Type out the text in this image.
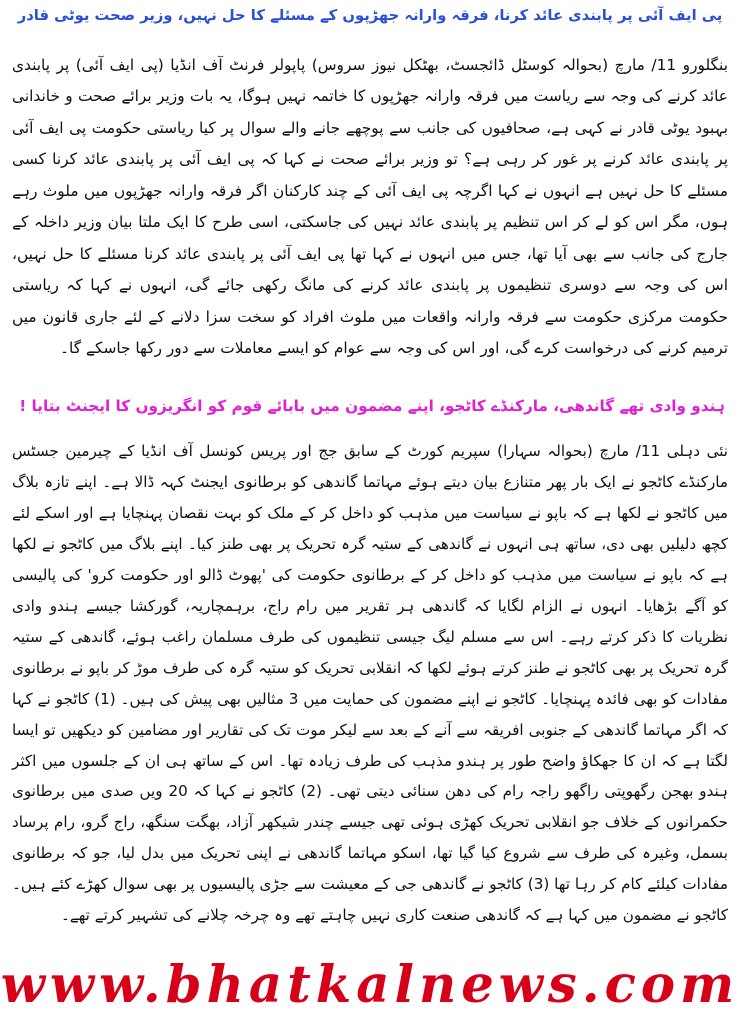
پی ایف آئی پر پابندی عائد کرنا، فرقہ وارانہ جھڑپوں کے مسئلے کا حل نہیں، وزیر صحت یوٹی قادر
بنگلورو 11/ مارچ (بحوالہ کوسٹل ڈائجسٹ، بھٹکل نیوز سروس) پاپولر فرنٹ آف انڈیا (پی ایف آئی) پر پابندی عائد کرنے کی وجہ سے ریاست میں فرقہ وارانہ جھڑپوں کا خاتمہ نہیں ہوگا، یہ بات وزیر برائے صحت و خاندانی بہبود یوٹی قادر نے کہی ہے، صحافیوں کی جانب سے پوچھے جانے والے سوال پر کیا ریاستی حکومت پی ایف آئی پر پابندی عائد کرنے پر غور کر رہی ہے؟ تو وزیر برائے صحت نے کہا کہ پی ایف آئی پر پابندی عائد کرنا کسی مسئلے کا حل نہیں ہے انہوں نے کہا اگرچہ پی ایف آئی کے چند کارکنان اگر فرقہ وارانہ جھڑپوں میں ملوث رہے ہوں، مگر اس کو لے کر اس تنظیم پر پابندی عائد نہیں کی جاسکتی، اسی طرح کا ایک ملتا بیان وزیر داخلہ کے جارج کی جانب سے بھی آیا تھا، جس میں انہوں نے کہا تھا پی ایف آئی پر پابندی عائد کرنا مسئلے کا حل نہیں، اس کی وجہ سے دوسری تنظیموں پر پابندی عائد کرنے کی مانگ رکھی جائے گی، انہوں نے کہا کہ ریاستی حکومت مرکزی حکومت سے فرقہ وارانہ واقعات میں ملوث افراد کو سخت سزا دلانے کے لئے جاری قانون میں ترمیم کرنے کی درخواست کرے گی، اور اس کی وجہ سے عوام کو ایسے معاملات سے دور رکھا جاسکے گا۔
ہندو وادی تھے گاندھی، مارکنڈے کاٹجو، اپنے مضمون میں بابائے قوم کو انگریزوں کا ایجنٹ بتایا !
نئی دہلی 11/ مارچ (بحوالہ سہارا) سپریم کورٹ کے سابق جج اور پریس کونسل آف انڈیا کے چیرمین جسٹس مارکنڈے کاٹجو نے ایک بار پھر متنازع بیان دیتے ہوئے مہاتما گاندھی کو برطانوی ایجنٹ کہہ ڈالا ہے۔ اپنے تازہ بلاگ میں کاٹجو نے لکھا ہے کہ باپو نے سیاست میں مذہب کو داخل کر کے ملک کو بہت نقصان پہنچایا ہے اور اسکے لئے کچھ دلیلیں بھی دی، ساتھ ہی انہوں نے گاندھی کے ستیہ گرہ تحریک پر بھی طنز کیا۔ اپنے بلاگ میں کاٹجو نے لکھا ہے کہ باپو نے سیاست میں مذہب کو داخل کر کے برطانوی حکومت کی 'پھوٹ ڈالو اور حکومت کرو' کی پالیسی کو آگے بڑھایا۔ انہوں نے الزام لگایا کہ گاندھی ہر تقریر میں رام راج، برہمچاریہ، گورکشا جیسے ہندو وادی نظریات کا ذکر کرتے رہے۔ اس سے مسلم لیگ جیسی تنظیموں کی طرف مسلمان راغب ہوئے، گاندھی کے ستیہ گرہ تحریک پر بھی کاٹجو نے طنز کرتے ہوئے لکھا کہ انقلابی تحریک کو ستیہ گرہ کی طرف موڑ کر باپو نے برطانوی مفادات کو بھی فائدہ پہنچایا۔ کاٹجو نے اپنے مضمون کی حمایت میں 3 مثالیں بھی پیش کی ہیں۔ (1) کاٹجو نے کہا کہ اگر مہاتما گاندھی کے جنوبی افریقہ سے آنے کے بعد سے لیکر موت تک کی تقاریر اور مضامین کو دیکھیں تو ایسا لگتا ہے کہ ان کا جھکاؤ واضح طور پر ہندو مذہب کی طرف زیادہ تھا۔ اس کے ساتھ ہی ان کے جلسوں میں اکثر ہندو بھجن رگھوپتی راگھو راجہ رام کی دھن سنائی دیتی تھی۔ (2) کاٹجو نے کہا کہ 20 ویں صدی میں برطانوی حکمرانوں کے خلاف جو انقلابی تحریک کھڑی ہوئی تھی جیسے چندر شیکھر آزاد، بھگت سنگھ، راج گرو، رام پرساد بسمل، وغیرہ کی طرف سے شروع کیا گیا تھا، اسکو مہاتما گاندھی نے اپنی تحریک میں بدل لیا، جو کہ برطانوی مفادات کیلئے کام کر رہا تھا (3) کاٹجو نے گاندھی جی کے معیشت سے جڑی پالیسیوں پر بھی سوال کھڑے کئے ہیں۔ کاٹجو نے مضمون میں کہا ہے کہ گاندھی صنعت کاری نہیں چاہتے تھے وہ چرخہ چلانے کی تشہیر کرتے تھے۔
www.bhatkalnews.com
